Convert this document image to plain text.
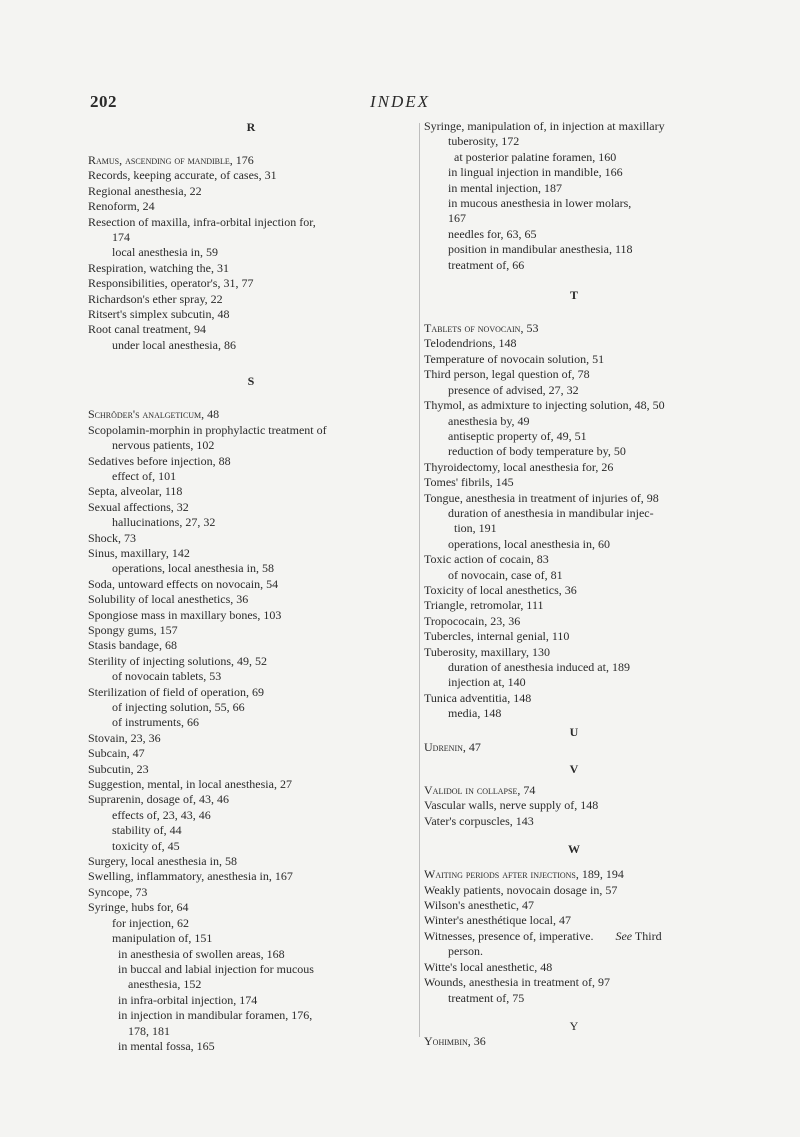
202	INDEX
R
Ramus, ascending of mandible, 176
Records, keeping accurate, of cases, 31
Regional anesthesia, 22
Renoform, 24
Resection of maxilla, infra-orbital injection for,
174
local anesthesia in, 59
Respiration, watching the, 31
Responsibilities, operator's, 31, 77
Richardson's ether spray, 22
Ritsert's simplex subcutin, 48
Root canal treatment, 94
under local anesthesia, 86
S
Schröder's analgeticum, 48
Scopolamin-morphin in prophylactic treatment of
nervous patients, 102
Sedatives before injection, 88
effect of, 101
Septa, alveolar, 118
Sexual affections, 32
hallucinations, 27, 32
Shock, 73
Sinus, maxillary, 142
operations, local anesthesia in, 58
Soda, untoward effects on novocain, 54
Solubility of local anesthetics, 36
Spongiose mass in maxillary bones, 103
Spongy gums, 157
Stasis bandage, 68
Sterility of injecting solutions, 49, 52
of novocain tablets, 53
Sterilization of field of operation, 69
of injecting solution, 55, 66
of instruments, 66
Stovain, 23, 36
Subcain, 47
Subcutin, 23
Suggestion, mental, in local anesthesia, 27
Suprarenin, dosage of, 43, 46
effects of, 23, 43, 46
stability of, 44
toxicity of, 45
Surgery, local anesthesia in, 58
Swelling, inflammatory, anesthesia in, 167
Syncope, 73
Syringe, hubs for, 64
for injection, 62
manipulation of, 151
in anesthesia of swollen areas, 168
in buccal and labial injection for mucous
anesthesia, 152
in infra-orbital injection, 174
in injection in mandibular foramen, 176,
178, 181
in mental fossa, 165
Syringe, manipulation of, in injection at maxillary
tuberosity, 172
at posterior palatine foramen, 160
in lingual injection in mandible, 166
in mental injection, 187
in mucous anesthesia in lower molars,
167
needles for, 63, 65
position in mandibular anesthesia, 118
treatment of, 66
T
Tablets of novocain, 53
Telodendrions, 148
Temperature of novocain solution, 51
Third person, legal question of, 78
presence of advised, 27, 32
Thymol, as admixture to injecting solution, 48, 50
anesthesia by, 49
antiseptic property of, 49, 51
reduction of body temperature by, 50
Thyroidectomy, local anesthesia for, 26
Tomes' fibrils, 145
Tongue, anesthesia in treatment of injuries of, 98
duration of anesthesia in mandibular injec-
tion, 191
operations, local anesthesia in, 60
Toxic action of cocain, 83
of novocain, case of, 81
Toxicity of local anesthetics, 36
Triangle, retromolar, 111
Tropococain, 23, 36
Tubercles, internal genial, 110
Tuberosity, maxillary, 130
duration of anesthesia induced at, 189
injection at, 140
Tunica adventitia, 148
media, 148
U
Udrenin, 47
V
Validol in collapse, 74
Vascular walls, nerve supply of, 148
Vater's corpuscles, 143
W
Waiting periods after injections, 189, 194
Weakly patients, novocain dosage in, 57
Wilson's anesthetic, 47
Winter's anesthétique local, 47
Witnesses, presence of, imperative. See Third
person.
Witte's local anesthetic, 48
Wounds, anesthesia in treatment of, 97
treatment of, 75
Y
Yohimbin, 36
